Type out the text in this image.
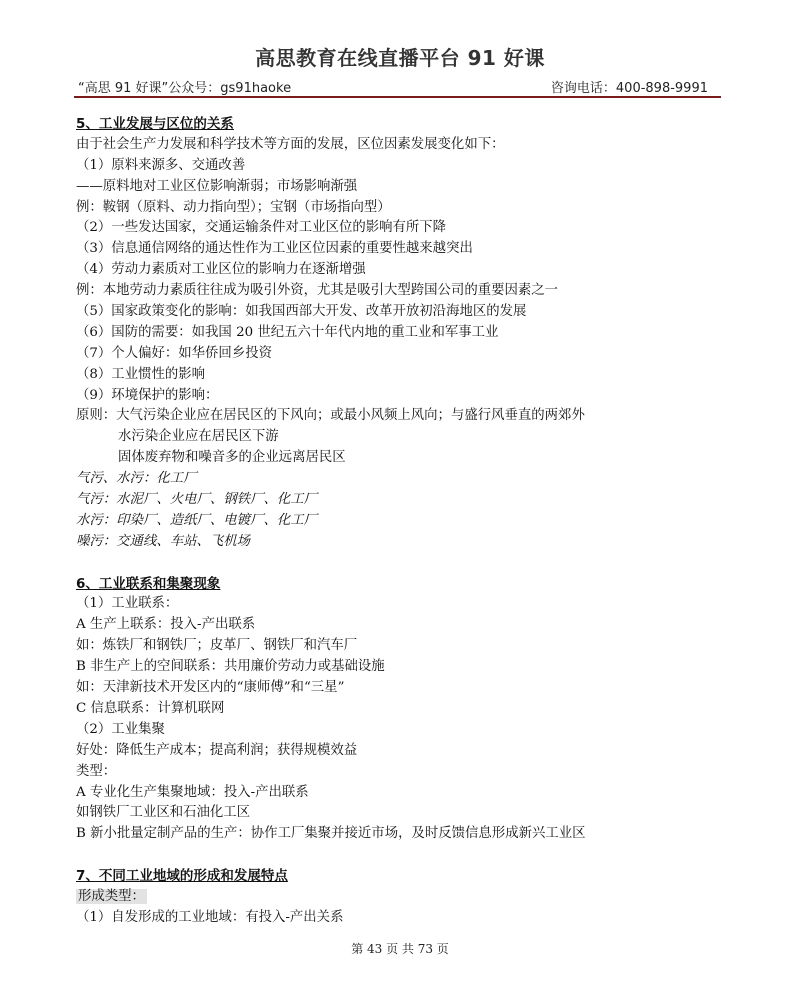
高思教育在线直播平台 91 好课
“高思 91 好课”公众号：gs91haoke	咨询电话：400-898-9991
5、工业发展与区位的关系
由于社会生产力发展和科学技术等方面的发展，区位因素发展变化如下：
（1）原料来源多、交通改善
——原料地对工业区位影响渐弱；市场影响渐强
例：鞍钢（原料、动力指向型）；宝钢（市场指向型）
（2）一些发达国家，交通运输条件对工业区位的影响有所下降
（3）信息通信网络的通达性作为工业区位因素的重要性越来越突出
（4）劳动力素质对工业区位的影响力在逐渐增强
例：本地劳动力素质往往成为吸引外资，尤其是吸引大型跨国公司的重要因素之一
（5）国家政策变化的影响：如我国西部大开发、改革开放初沿海地区的发展
（6）国防的需要：如我国 20 世纪五六十年代内地的重工业和军事工业
（7）个人偏好：如华侨回乡投资
（8）工业惯性的影响
（9）环境保护的影响：
原则：大气污染企业应在居民区的下风向；或最小风频上风向；与盛行风垂直的两郊外
水污染企业应在居民区下游
固体废弃物和噪音多的企业远离居民区
气污、水污：化工厂
气污：水泥厂、火电厂、钢铁厂、化工厂
水污：印染厂、造纸厂、电镀厂、化工厂
噪污：交通线、车站、飞机场
6、工业联系和集聚现象
（1）工业联系：
A 生产上联系：投入-产出联系
如：炼铁厂和钢铁厂；皮革厂、钢铁厂和汽车厂
B 非生产上的空间联系：共用廉价劳动力或基础设施
如：天津新技术开发区内的“康师傅”和“三星”
C 信息联系：计算机联网
（2）工业集聚
好处：降低生产成本；提高利润；获得规模效益
类型：
A 专业化生产集聚地域：投入-产出联系
如钢铁厂工业区和石油化工区
B 新小批量定制产品的生产：协作工厂集聚并接近市场，及时反馈信息形成新兴工业区
7、不同工业地域的形成和发展特点
形成类型：
（1）自发形成的工业地域：有投入-产出关系
第 43 页 共 73 页
